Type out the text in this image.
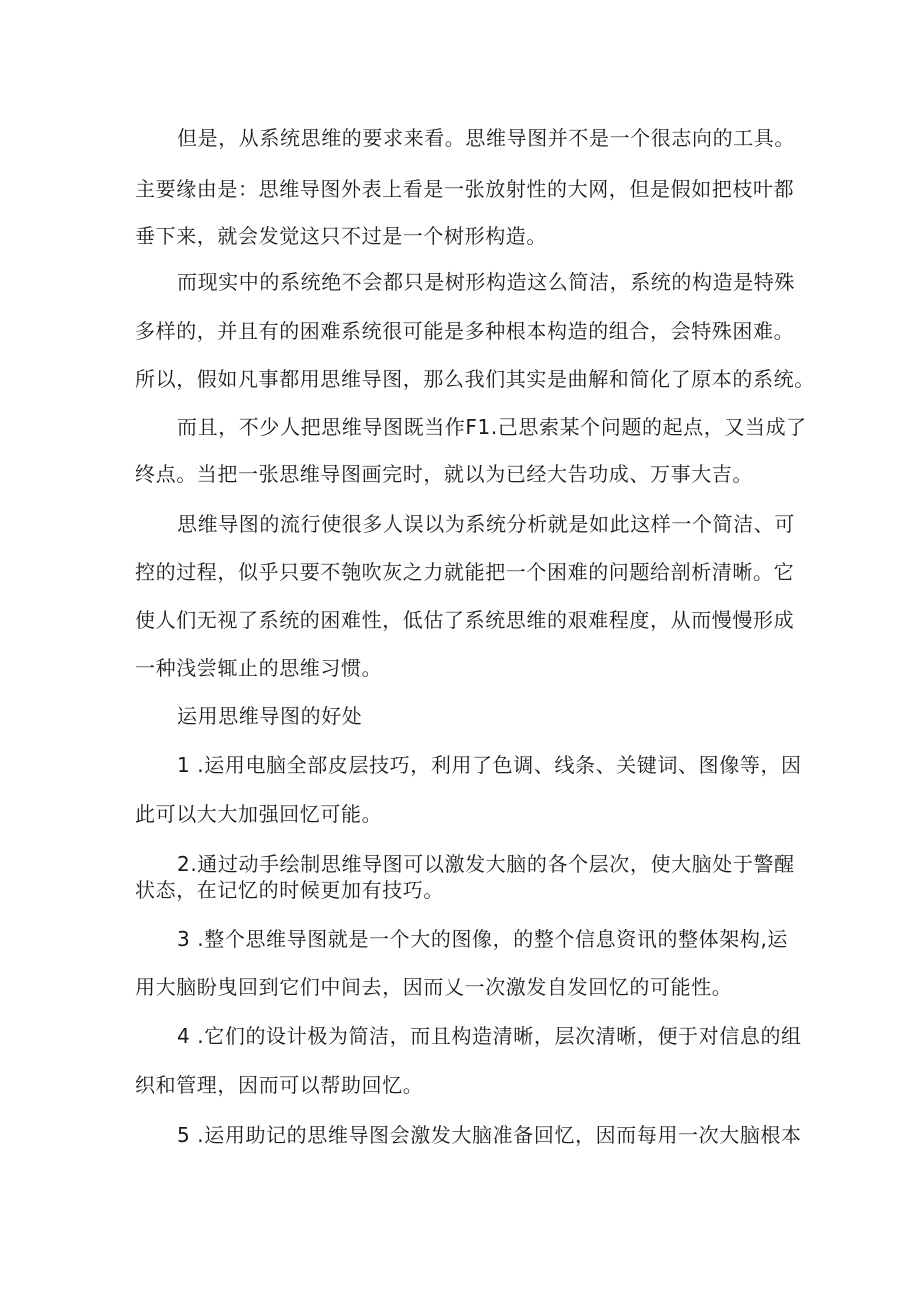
但是，从系统思维的要求来看。思维导图并不是一个很志向的工具。
主要缘由是：思维导图外表上看是一张放射性的大网，但是假如把枝叶都
垂下来，就会发觉这只不过是一个树形构造。
而现实中的系统绝不会都只是树形构造这么简洁，系统的构造是特殊
多样的，并且有的困难系统很可能是多种根本构造的组合，会特殊困难。
所以，假如凡事都用思维导图，那么我们其实是曲解和简化了原本的系统。
而且，不少人把思维导图既当作F1.己思索某个问题的起点，又当成了
终点。当把一张思维导图画完时，就以为已经大告功成、万事大吉。
思维导图的流行使很多人误以为系统分析就是如此这样一个简洁、可
控的过程，似乎只要不匏吹灰之力就能把一个困难的问题给剖析清晰。它
使人们无视了系统的困难性，低估了系统思维的艰难程度，从而慢慢形成
一种浅尝辄止的思维习惯。
运用思维导图的好处
1 .运用电脑全部皮层技巧，利用了色调、线条、关键词、图像等，因
此可以大大加强回忆可能。
2.通过动手绘制思维导图可以激发大脑的各个层次，使大脑处于警醒
状态，在记忆的时候更加有技巧。
3 .整个思维导图就是一个大的图像，的整个信息资讯的整体架构,运
用大脑盼曳回到它们中间去，因而乂一次激发自发回忆的可能性。
4 .它们的设计极为简洁，而且构造清晰，层次清晰，便于对信息的组
织和管理，因而可以帮助回忆。
5 .运用助记的思维导图会激发大脑准备回忆，因而每用一次大脑根本
